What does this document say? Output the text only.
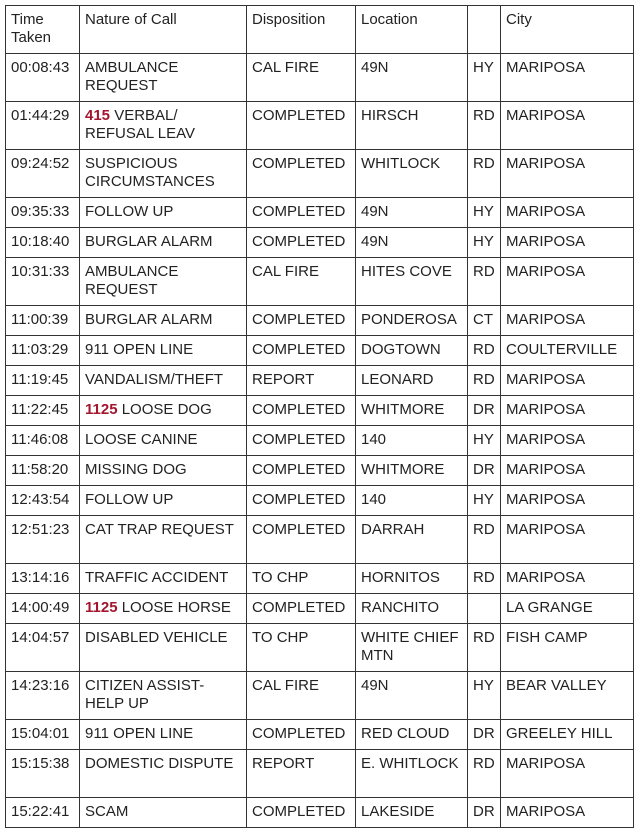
Time Taken	Nature of Call	Disposition	Location		City
00:08:43	AMBULANCE REQUEST	CAL FIRE	49N	HY	MARIPOSA
01:44:29	415 VERBAL/ REFUSAL LEAV	COMPLETED	HIRSCH	RD	MARIPOSA
09:24:52	SUSPICIOUS CIRCUMSTANCES	COMPLETED	WHITLOCK	RD	MARIPOSA
09:35:33	FOLLOW UP	COMPLETED	49N	HY	MARIPOSA
10:18:40	BURGLAR ALARM	COMPLETED	49N	HY	MARIPOSA
10:31:33	AMBULANCE REQUEST	CAL FIRE	HITES COVE	RD	MARIPOSA
11:00:39	BURGLAR ALARM	COMPLETED	PONDEROSA	CT	MARIPOSA
11:03:29	911 OPEN LINE	COMPLETED	DOGTOWN	RD	COULTERVILLE
11:19:45	VANDALISM/THEFT	REPORT	LEONARD	RD	MARIPOSA
11:22:45	1125 LOOSE DOG	COMPLETED	WHITMORE	DR	MARIPOSA
11:46:08	LOOSE CANINE	COMPLETED	140	HY	MARIPOSA
11:58:20	MISSING DOG	COMPLETED	WHITMORE	DR	MARIPOSA
12:43:54	FOLLOW UP	COMPLETED	140	HY	MARIPOSA
12:51:23	CAT TRAP REQUEST	COMPLETED	DARRAH	RD	MARIPOSA
13:14:16	TRAFFIC ACCIDENT	TO CHP	HORNITOS	RD	MARIPOSA
14:00:49	1125 LOOSE HORSE	COMPLETED	RANCHITO		LA GRANGE
14:04:57	DISABLED VEHICLE	TO CHP	WHITE CHIEF MTN	RD	FISH CAMP
14:23:16	CITIZEN ASSIST- HELP UP	CAL FIRE	49N	HY	BEAR VALLEY
15:04:01	911 OPEN LINE	COMPLETED	RED CLOUD	DR	GREELEY HILL
15:15:38	DOMESTIC DISPUTE	REPORT	E. WHITLOCK	RD	MARIPOSA
15:22:41	SCAM	COMPLETED	LAKESIDE	DR	MARIPOSA
